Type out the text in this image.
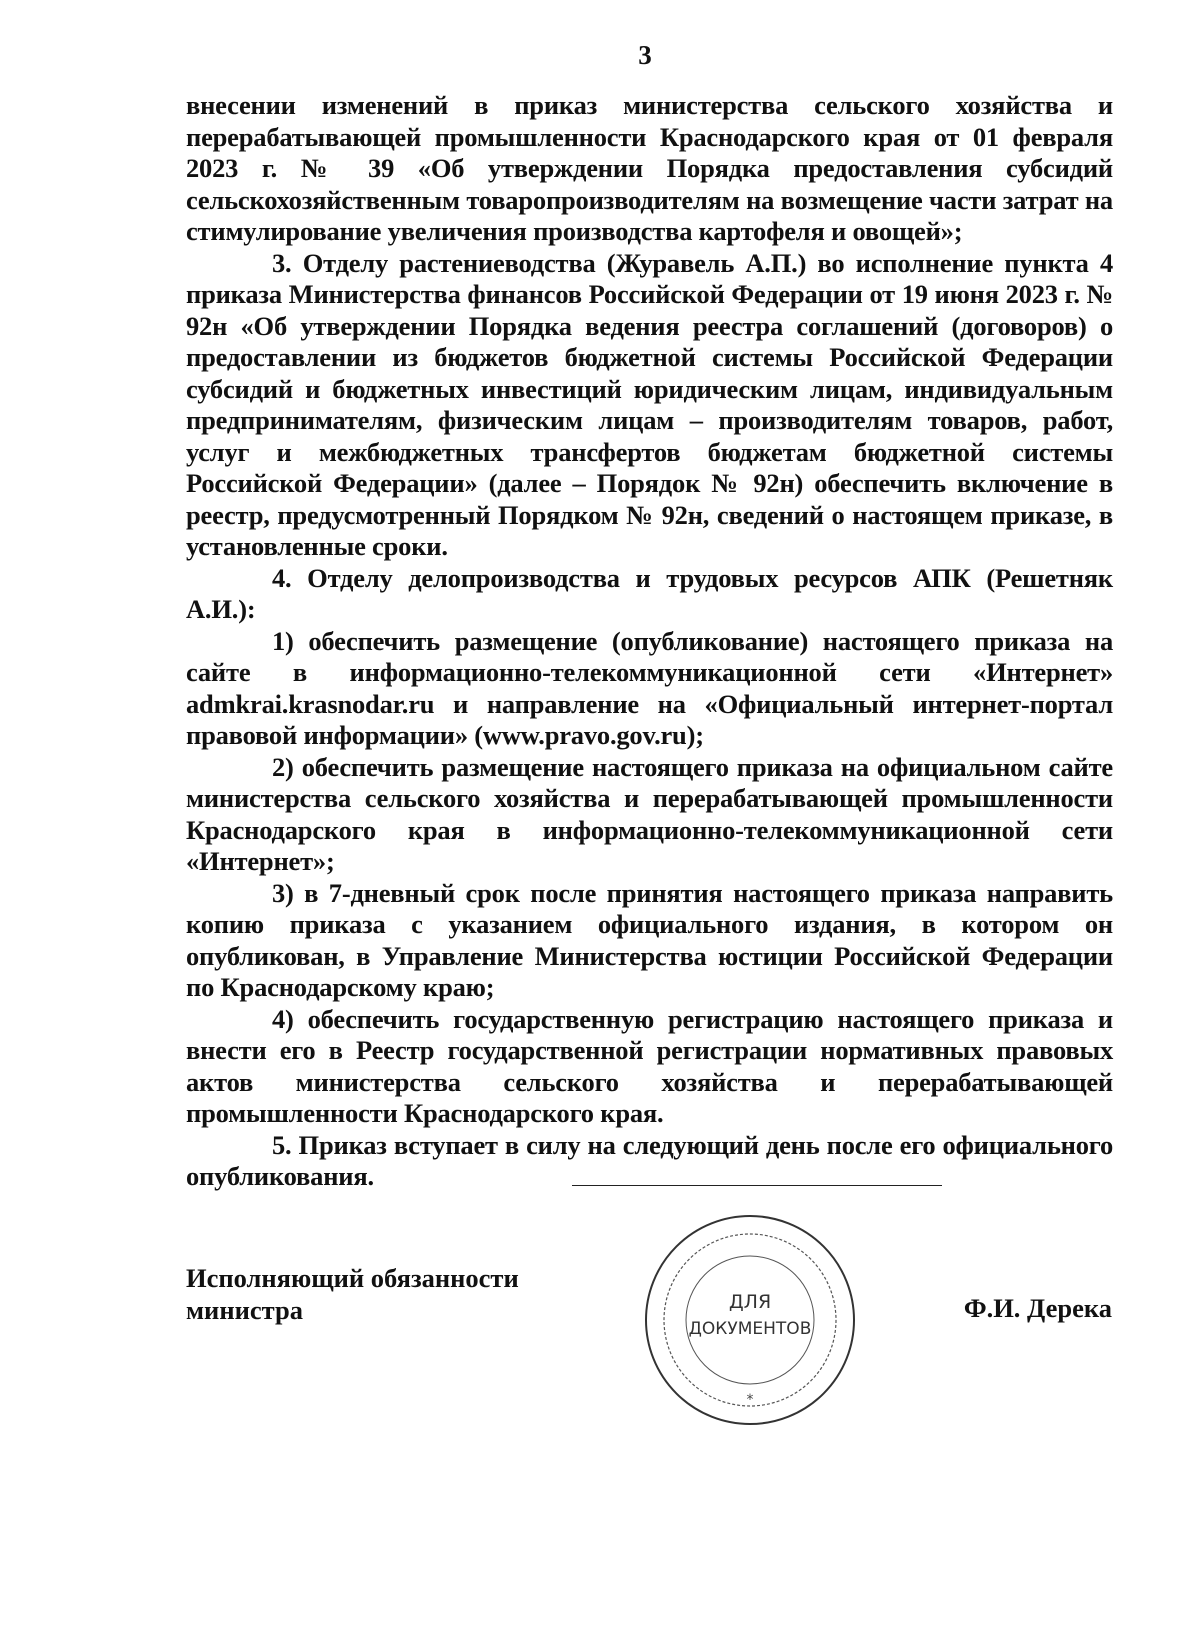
3

внесении изменений в приказ министерства сельского хозяйства и перерабатывающей промышленности Краснодарского края от 01 февраля 2023 г. № 39 «Об утверждении Порядка предоставления субсидий сельскохозяйственным товаропроизводителям на возмещение части затрат на стимулирование увеличения производства картофеля и овощей»;

3. Отделу растениеводства (Журавель А.П.) во исполнение пункта 4 приказа Министерства финансов Российской Федерации от 19 июня 2023 г. № 92н «Об утверждении Порядка ведения реестра соглашений (договоров) о предоставлении из бюджетов бюджетной системы Российской Федерации субсидий и бюджетных инвестиций юридическим лицам, индивидуальным предпринимателям, физическим лицам – производителям товаров, работ, услуг и межбюджетных трансфертов бюджетам бюджетной системы Российской Федерации» (далее – Порядок № 92н) обеспечить включение в реестр, предусмотренный Порядком № 92н, сведений о настоящем приказе, в установленные сроки.

4. Отделу делопроизводства и трудовых ресурсов АПК (Решетняк А.И.):

1) обеспечить размещение (опубликование) настоящего приказа на сайте в информационно-телекоммуникационной сети «Интернет» admkrai.krasnodar.ru и направление на «Официальный интернет-портал правовой информации» (www.pravo.gov.ru);

2) обеспечить размещение настоящего приказа на официальном сайте министерства сельского хозяйства и перерабатывающей промышленности Краснодарского края в информационно-телекоммуникационной сети «Интернет»;

3) в 7-дневный срок после принятия настоящего приказа направить копию приказа с указанием официального издания, в котором он опубликован, в Управление Министерства юстиции Российской Федерации по Краснодарскому краю;

4) обеспечить государственную регистрацию настоящего приказа и внести его в Реестр государственной регистрации нормативных правовых актов министерства сельского хозяйства и перерабатывающей промышленности Краснодарского края.

5. Приказ вступает в силу на следующий день после его официального опубликования.

Исполняющий обязанности
министра	ДЛЯ
ДОКУМЕНТОВ
*
Ф.И. Дерека
